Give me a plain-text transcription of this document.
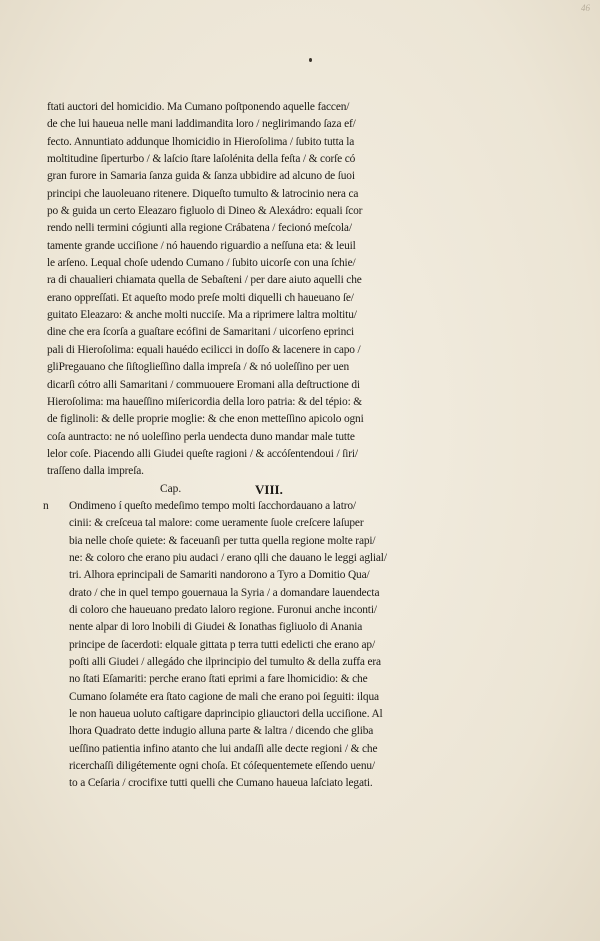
46
ftati auctori del homicidio. Ma Cumano poſtponendo aquelle faccen/
de che lui haueua nelle mani laddimandita loro / neglirimando ſaza ef/
fecto. Annuntiato addunque lhomicidio in Hieroſolima / ſubito tutta la
moltitudine ſiperturbo / & laſcio ſtare laſolénita della feſta / & corſe có
gran furore in Samaria ſanza guida & ſanza ubbidire ad alcuno de ſuoi
principi che lauoleuano ritenere. Diqueſto tumulto & latrocinio nera ca
po & guida un certo Eleazaro figluolo di Dineo & Alexádro: equali ſcor
rendo nelli termini cógiunti alla regione Crábatena / fecionó meſcola/
tamente grande ucciſione / nó hauendo riguardio a neſſuna eta: & leuil
le arſeno. Lequal choſe udendo Cumano / ſubito uicorſe con una ſchie/
ra di chaualieri chiamata quella de Sebaſteni / per dare aiuto aquelli che
erano oppreſſati. Et aqueſto modo preſe molti diquelli ch haueuano ſe/
guitato Eleazaro: & anche molti nucciſe. Ma a riprimere laltra moltitu/
dine che era ſcorſa a guaſtare ecófini de Samaritani / uicorſeno eprinci
pali di Hieroſolima: equali hauédo ecilicci in doſſo & lacenere in capo /
gliPregauano che ſiſtoglieſſino dalla impreſa / & nó uoleſſino per uen
dicarſi cótro alli Samaritani / commuouere Eromani alla deſtructione di
Hieroſolima: ma haueſſino miſericordia della loro patria: & del tépio: &
de figlinoli: & delle proprie moglie: & che enon metteſſino apicolo ogni
coſa auntracto: ne nó uoleſſino perla uendecta duno mandar male tutte
lelor coſe. Piacendo alli Giudei queſte ragioni / & accóſentendoui / ſiri/
traſſeno dalla impreſa.
Cap.	VIII.
n Ondimeno í queſto medeſimo tempo molti ſacchordauano a latro/
cinii: & creſceua tal malore: come ueramente ſuole creſcere laſuper
bia nelle choſe quiete: & faceuanſi per tutta quella regione molte rapi/
ne: & coloro che erano piu audaci / erano qlli che dauano le leggi aglial/
tri. Alhora eprincipali de Samariti nandorono a Tyro a Domitio Qua/
drato / che in quel tempo gouernaua la Syria / a domandare lauendecta
di coloro che haueuano predato laloro regione. Furonui anche inconti/
nente alpar di loro lnobili di Giudei & Ionathas figliuolo di Anania
principe de ſacerdoti: elquale gittata p terra tutti edelicti che erano ap/
poſti alli Giudei / allegádo che ilprincipio del tumulto & della zuffa era
no ſtati Eſamariti: perche erano ſtati eprimi a fare lhomicidio: & che
Cumano ſolaméte era ſtato cagione de mali che erano poi ſeguiti: ilqua
le non haueua uoluto caſtigare daprincipio gliauctori della ucciſione. Al
lhora Quadrato dette indugio alluna parte & laltra / dicendo che gliba
ueſſino patientia infino atanto che lui andaſſi alle decte regioni / & che
ricerchaſſi diligétemente ogni choſa. Et cóſequentemete eſſendo uenu/
to a Ceſaria / crocifixe tutti quelli che Cumano haueua laſciato legati.
